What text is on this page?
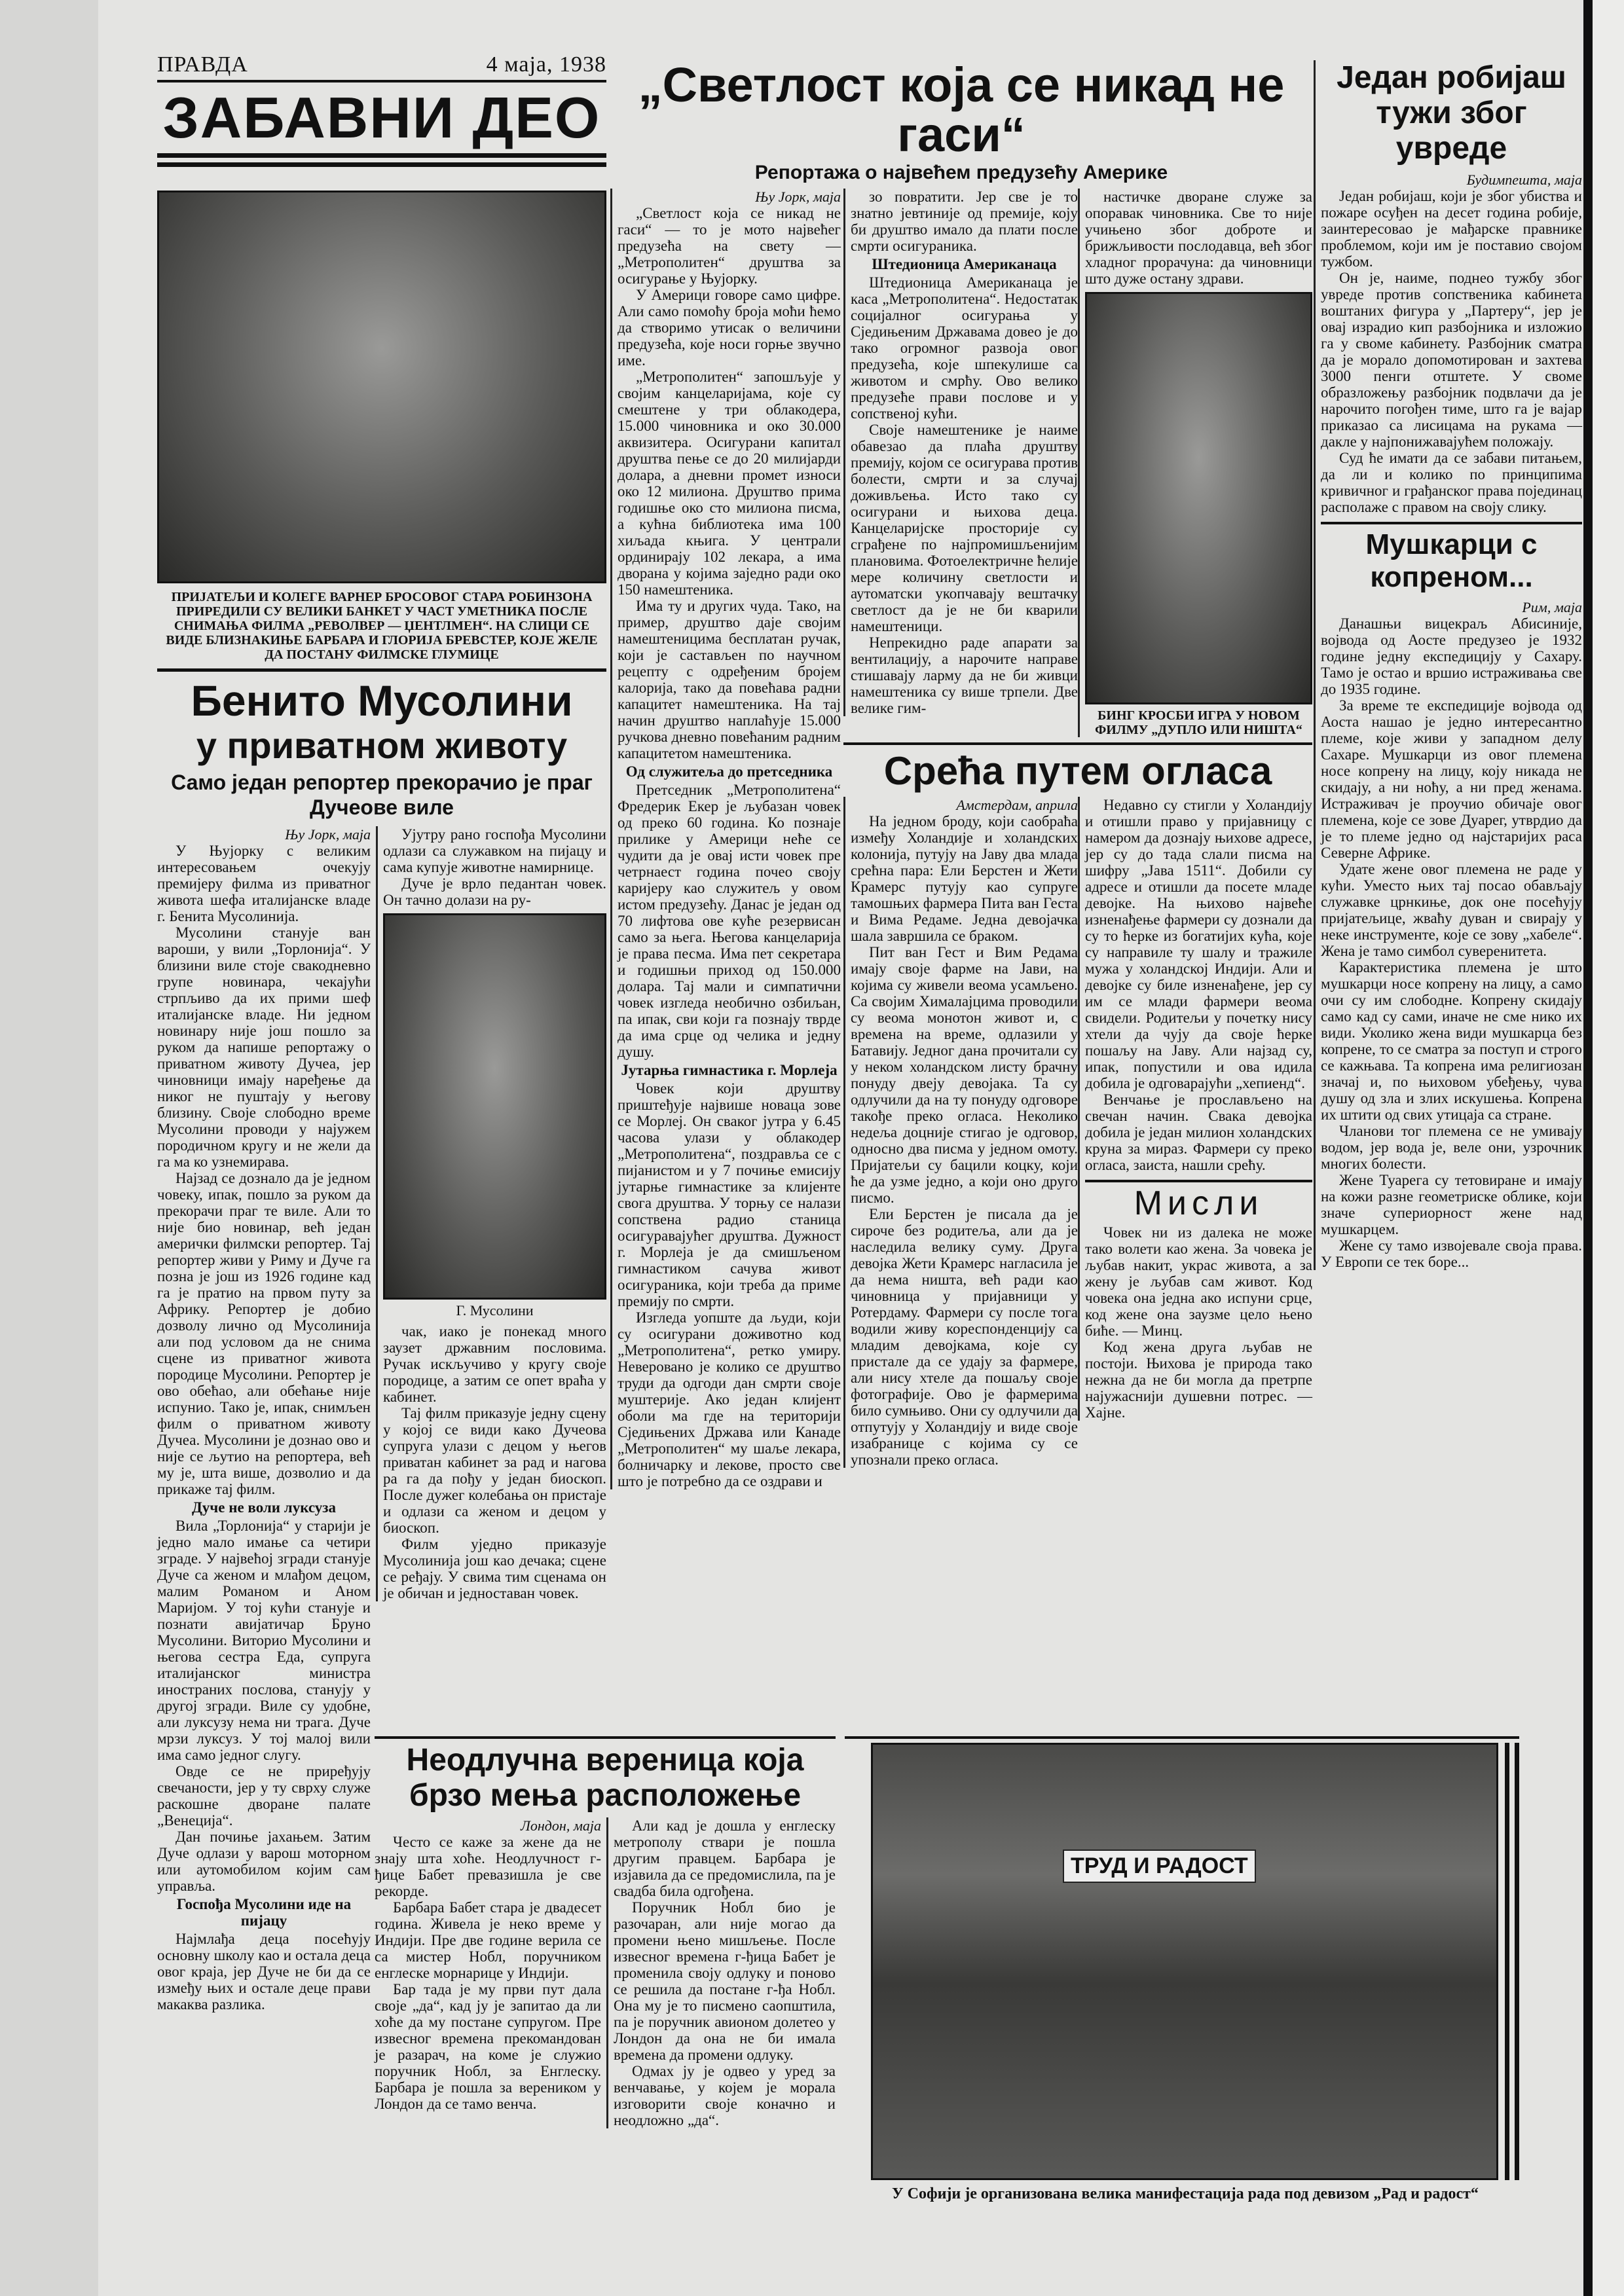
ПРАВДА	4 маја, 1938
ЗАБАВНИ ДЕО
ПРИЈАТЕЉИ И КОЛЕГЕ ВАРНЕР БРОСОВОГ СТАРА РОБИНЗОНА ПРИРЕДИЛИ СУ ВЕЛИКИ БАНКЕТ У ЧАСТ УМЕТНИКА ПОСЛЕ СНИМАЊА ФИЛМА „РЕВОЛВЕР — ЏЕНТЛМЕН“. НА СЛИЦИ СЕ ВИДЕ БЛИЗНАКИЊЕ БАРБАРА И ГЛОРИЈА БРЕВСТЕР, КОЈЕ ЖЕЛЕ ДА ПОСТАНУ ФИЛМСКЕ ГЛУМИЦЕ
Бенито Мусолини
у приватном животу
Само један репортер прекорачио је праг Дучеове виле
Њу Јорк, маја

У Њујорку с великим интересовањем очекују премијеру филма из приватног живота шефа италијанске владе г. Бенита Мусолинија.

Мусолини станује ван вароши, у вили „Торлонија“. У близини виле стоје свакодневно групе новинара, чекајући стрпљиво да их прими шеф италијанске владе. Ни једном новинару није још пошло за руком да напише репортажу о приватном животу Дучеа, јер чиновници имају наређење да никог не пуштају у његову близину. Своје слободно време Мусолини проводи у најужем породичном кругу и не жели да га ма ко узнемирава.

Најзад се дознало да је једном човеку, ипак, пошло за руком да прекорачи праг те виле. Али то није био новинар, већ један амерички филмски репортер. Тај репортер живи у Риму и Дуче га позна је још из 1926 године кад га је пратио на првом путу за Африку. Репортер је добио дозволу лично од Мусолинија али под условом да не снима сцене из приватног живота породице Мусолини. Репортер је ово обећао, али обећање није испунио. Тако је, ипак, снимљен филм о приватном животу Дучеа. Мусолини је дознао ово и није се љутио на репортера, већ му је, шта више, дозволио и да прикаже тај филм.

Дуче не воли луксуза

Вила „Торлонија“ у старији је једно мало имање са четири зграде. У највећој згради станује Дуче са женом и млађом децом, малим Романом и Аном Маријом. У тој кући станује и познати авијатичар Бруно Мусолини. Виторио Мусолини и његова сестра Еда, супруга италијанског министра иностраних послова, станују у другој згради. Виле су удобне, али луксузу нема ни трага. Дуче мрзи луксуз. У тој малој вили има само једног слугу.

Овде се не приређују свечаности, јер у ту сврху служе раскошне дворане палате „Венеција“.

Дан почиње јахањем. Затим Дуче одлази у варош моторном или аутомобилом којим сам управља.

Госпођа Мусолини иде на пијацу

Најмлађа деца посећују основну школу као и остала деца овог краја, јер Дуче не би да се између њих и остале деце прави макаква разлика.

Ујутру рано госпођа Мусолини одлази са служавком на пијацу и сама купује животне намирнице.

Дуче је врло педантан човек. Он тачно долази на ру-

Г. Мусолини

чак, иако је понекад много заузет државним пословима. Ручак искључиво у кругу своје породице, а затим се опет враћа у кабинет.

Тај филм приказује једну сцену у којој се види како Дучеова супруга улази с децом у његов приватан кабинет за рад и нагова ра га да пођу у један биоскоп. После дужег колебања он пристаје и одлази са женом и децом у биоскоп.

Филм уједно приказује Мусолинија још као дечака; сцене се ређају. У свима тим сценама он је обичан и једноставан човек.

Неодлучна вереница која брзо мења расположење
Лондон, маја

Често се каже за жене да не знају шта хоће. Неодлучност г-ђице Бабет превазишла је све рекорде.

Барбара Бабет стара је двадесет година. Живела је неко време у Индији. Пре две године верила се са мистер Нобл, поручником енглеске морнарице у Индији.

Бар тада је му први пут дала своје „да“, кад ју је запитао да ли хоће да му постане супругом. Пре извесног времена прекомандован је разарач, на коме је служио поручник Нобл, за Енглеску. Барбара је пошла за вереником у Лондон да се тамо венча.

Али кад је дошла у енглеску метрополу ствари је пошла другим правцем. Барбара је изјавила да се предомислила, па је свадба била одгођена.

Поручник Нобл био је разочаран, али није могао да промени њено мишљење. После извесног времена г-ђица Бабет је променила своју одлуку и поново се решила да постане г-ђа Нобл. Она му је то писмено саопштила, па је поручник авионом долетео у Лондон да она не би имала времена да промени одлуку.

Одмах ју је одвео у уред за венчавање, у којем је морала изговорити своје коначно и неодложно „да“.

„Светлост која се никад не гаси“
Репортажа о највећем предузећу Америке
Њу Јорк, маја

„Светлост која се никад не гаси“ — то је мото највећег предузећа на свету — „Метрополитен“ друштва за осигурање у Њујорку.

У Америци говоре само цифре. Али само помоћу броја моћи ћемо да створимо утисак о величини предузећа, које носи горње звучно име.

„Метрополитен“ запошљује у својим канцеларијама, које су смештене у три облакодера, 15.000 чиновника и око 30.000 аквизитера. Осигурани капитал друштва пење се до 20 милијарди долара, а дневни промет износи око 12 милиона. Друштво прима годишње око сто милиона писма, а кућна библиотека има 100 хиљада књига. У централи ординирају 102 лекара, а има дворана у којима заједно ради око 150 намештеника.

Има ту и других чуда. Тако, на пример, друштво даје својим намештеницима бесплатан ручак, који је састављен по научном рецепту с одређеним бројем калорија, тако да повећава радни капацитет намештеника. На тај начин друштво наплаћује 15.000 ручкова дневно повећаним радним капацитетом намештеника.

Од служитеља до претседника

Претседник „Метрополитена“ Фредерик Екер је љубазан човек од преко 60 година. Ко познаје прилике у Америци неће се чудити да је овај исти човек пре четрнаест година почео своју каријеру као служитељ у овом истом предузећу. Данас је један од 70 лифтова ове куће резервисан само за њега. Његова канцеларија је права песма. Има пет секретара и годишњи приход од 150.000 долара. Тај мали и симпатични човек изгледа необично озбиљан, па ипак, сви који га познају тврде да има срце од челика и једну душу.

Јутарња гимнастика г. Морлеја

Човек који друштву приштеђује највише новаца зове се Морлеј. Он сваког јутра у 6.45 часова улази у облакодер „Метрополитена“, поздравља се с пијанистом и у 7 почиње емисију јутарње гимнастике за клијенте свога друштва. У торњу се налази сопствена радио станица осигуравајућег друштва. Дужност г. Морлеја је да смишљеном гимнастиком сачува живот осигураника, који треба да приме премију по смрти.

Изгледа уопште да људи, који су осигурани доживотно код „Метрополитена“, ретко умиру. Неверовано је колико се друштво труди да одгоди дан смрти своје муштерије. Ако један клијент оболи ма где на територији Сједињених Држава или Канаде „Метрополитен“ му шаље лекара, болничарку и лекове, просто све што је потребно да се оздрави и

зо повратити. Јер све је то знатно јевтиније од премије, коју би друштво имало да плати после смрти осигураника.

Штедионица Американаца

Штедионица Американаца је каса „Метрополитена“. Недостатак социјалног осигурања у Сједињеним Државама довео је до тако огромног развоја овог предузећа, које шпекулише са животом и смрћу. Ово велико предузеће прави послове и у сопственој кући.

Своје намештенике је наиме обавезао да плаћа друштву премију, којом се осигурава против болести, смрти и за случај доживљења. Исто тако су осигурани и њихова деца. Канцеларијске просторије су сграђене по најпромишљенијим плановима. Фотоелектричне ћелије мере количину светлости и аутоматски укопчавају вештачку светлост да је не би кварили намештеници.

Непрекидно раде апарати за вентилацију, а нарочите направе стишавају ларму да не би живци намештеника су више трпели. Две велике гим-

настичке дворане служе за опоравак чиновника. Све то није учињено због доброте и брижљивости послодавца, већ због хладног прорачуна: да чиновници што дуже остану здрави.

БИНГ КРОСБИ ИГРА У НОВОМ ФИЛМУ „ДУПЛО ИЛИ НИШТА“
Срећа путем огласа
Амстердам, априла

На једном броду, који саобраћа између Холандије и холандских колонија, путују на Јаву два млада срећна пара: Ели Берстен и Жети Крамерс путују као супруге тамошњих фармера Пита ван Геста и Вима Редаме. Једна девојачка шала завршила се браком.

Пит ван Гест и Вим Редама имају своје фарме на Јави, на којима су живели веома усамљено. Са својим Хималајцима проводили су веома монотон живот и, с времена на време, одлазили у Батавију. Једног дана прочитали су у неком холандском листу брачну понуду двеју девојака. Та су одлучили да на ту понуду одговоре такође преко огласа. Неколико недеља доцније стигао је одговор, односно два писма у једном омоту. Пријатељи су бацили коцку, који ће да узме једно, а који оно друго писмо.

Ели Берстен је писала да је сироче без родитеља, али да је наследила велику суму. Друга девојка Жети Крамерс нагласила је да нема ништа, већ ради као чиновница у пријавници у Ротердаму. Фармери су после тога водили живу кореспонденцију са младим девојкама, које су пристале да се удају за фармере, али нису хтеле да пошаљу своје фотографије. Ово је фармерима било сумњиво. Они су одлучили да отпутују у Холандију и виде своје изабранице с којима су се упознали преко огласа.

Недавно су стигли у Холандију и отишли право у пријавницу с намером да дознају њихове адресе, јер су до тада слали писма на шифру „Јава 1511“. Добили су адресе и отишли да посете младе девојке. На њихово највеће изненађење фармери су дознали да су то ћерке из богатијих кућа, које су направиле ту шалу и тражиле мужа у холандској Индији. Али и девојке су биле изненађене, јер су им се млади фармери веома свидели. Родитељи у почетку нису хтели да чују да своје ћерке пошаљу на Јаву. Али најзад су, ипак, попустили и ова идила добила је одговарајући „хепиенд“.

Венчање је прослављено на свечан начин. Свака девојка добила је један милион холандских круна за мираз. Фармери су преко огласа, заиста, нашли срећу.

Мисли

Човек ни из далека не може тако волети као жена. За човека је љубав накит, украс живота, а за жену је љубав сам живот. Код човека она једна ако испуни срце, код жене она заузме цело њено биће. — Минц.

Код жена друга љубав не постоји. Њихова је природа тако нежна да не би могла да претрпе најужаснији душевни потрес. — Хајне.

Један робијаш тужи због увреде
Будимпешта, маја

Један робијаш, који је због убиства и пожаре осуђен на десет година робије, заинтересовао је мађарске правнике проблемом, који им је поставио својом тужбом.

Он је, наиме, поднео тужбу због увреде против сопственика кабинета воштаних фигура у „Партеру“, јер је овај израдио кип разбојника и изложио га у своме кабинету. Разбојник сматра да је морало допомотирован и захтева 3000 пенги отштете. У своме образложењу разбојник подвлачи да је нарочито погођен тиме, што га је вајар приказао са лисицама на рукама — дакле у најпонижавајућем положају.

Суд ће имати да се забави питањем, да ли и колико по принципима кривичног и грађанског права појединац располаже с правом на своју слику.

Мушкарци с копреном...
Рим, маја

Данашњи вицекраљ Абисиније, војвода од Аосте предузео је 1932 године једну експедицију у Сахару. Тамо је остао и вршио истраживања све до 1935 године.

За време те експедиције војвода од Аоста нашао је једно интересантно племе, које живи у западном делу Сахаре. Мушкарци из овог племена носе копрену на лицу, коју никада не скидају, а ни ноћу, а ни пред женама. Истраживач је проучио обичаје овог племена, које се зове Дуарег, утврдио да је то племе једно од најстаријих раса Северне Африке.

Удате жене овог племена не раде у кући. Уместо њих тај посао обављају служавке црнкиње, док оне посећују пријатељице, жваћу дуван и свирају у неке инструменте, које се зову „хабеле“. Жена је тамо симбол суверенитета.

Карактеристика племена је што мушкарци носе копрену на лицу, а само очи су им слободне. Копрену скидају само кад су сами, иначе не сме нико их види. Уколико жена види мушкарца без копрене, то се сматра за поступ и строго се кажњава. Та копрена има религиозан значај и, по њиховом убеђењу, чува душу од зла и злих искушења. Копрена их штити од свих утицаја са стране.

Чланови тог племена се не умивају водом, јер вода је, веле они, узрочник многих болести.

Жене Туарега су тетовиране и имају на кожи разне геометриске облике, који значе супериорност жене над мушкарцем.

Жене су тамо извојевале своја права. У Европи се тек боре...

ТРУД И РАДОСТ
У Софији је организована велика манифестација рада под девизом „Рад и радост“
